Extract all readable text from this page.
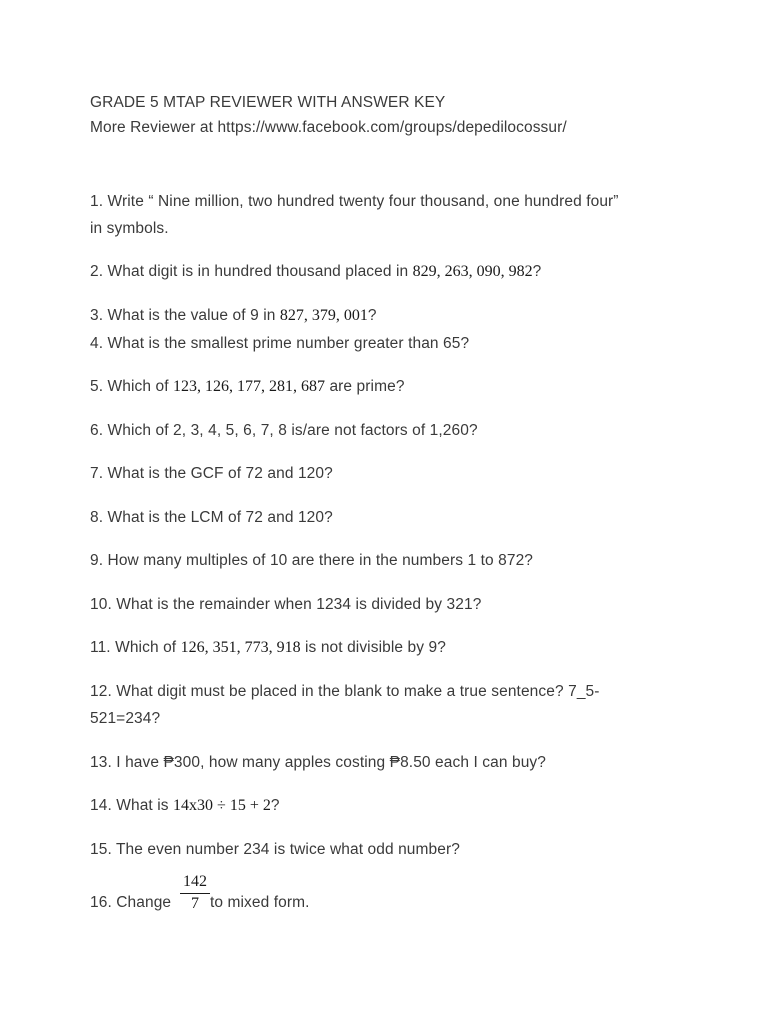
GRADE 5 MTAP REVIEWER WITH ANSWER KEY
More Reviewer at https://www.facebook.com/groups/depedilocossur/
1. Write “ Nine million, two hundred twenty four thousand, one hundred four”
in symbols.
2. What digit is in hundred thousand placed in 829, 263, 090, 982?
3. What is the value of 9 in 827, 379, 001?
4. What is the smallest prime number greater than 65?
5. Which of 123, 126, 177, 281, 687 are prime?
6. Which of 2, 3, 4, 5, 6, 7, 8 is/are not factors of 1,260?
7. What is the GCF of 72 and 120?
8. What is the LCM of 72 and 120?
9. How many multiples of 10 are there in the numbers 1 to 872?
10. What is the remainder when 1234 is divided by 321?
11. Which of 126, 351, 773, 918 is not divisible by 9?
12. What digit must be placed in the blank to make a true sentence? 7_5-
521=234?
13. I have ₱300, how many apples costing ₱8.50 each I can buy?
14. What is 14x30 ÷ 15 + 2?
15. The even number 234 is twice what odd number?
16. Change  to mixed form.
$\frac{142}{7}$
